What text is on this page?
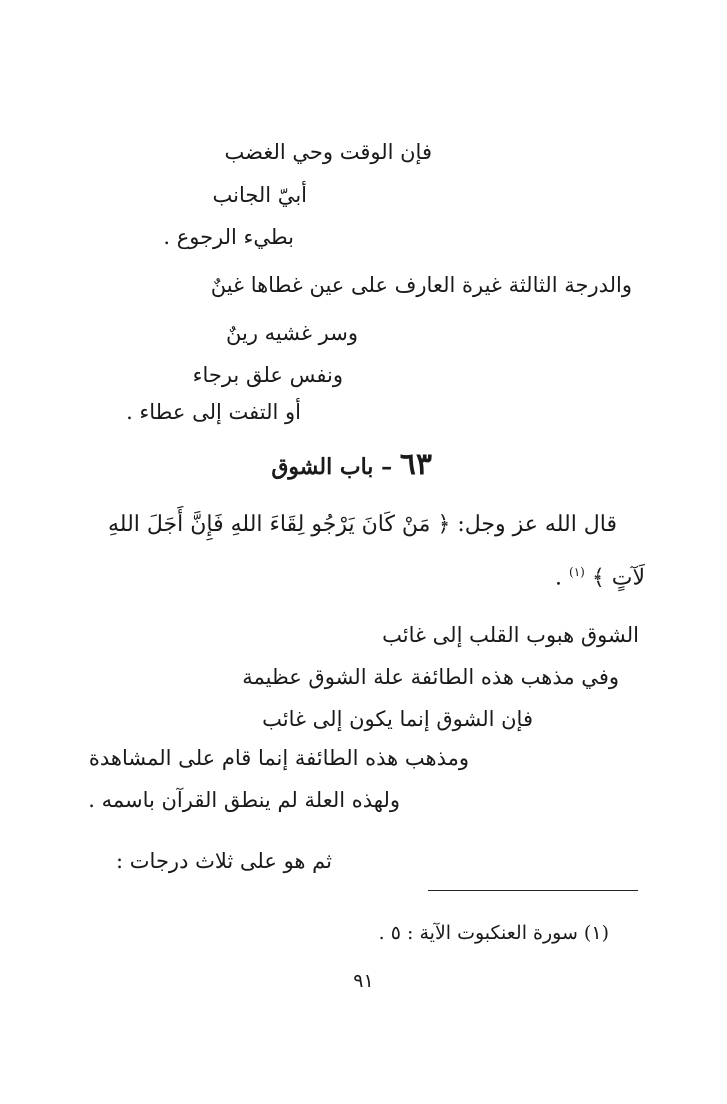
فإن الوقت وحي الغضب
أبيّ الجانب
بطيء الرجوع .
والدرجة الثالثة غيرة العارف على عين غطاها غينٌ
وسر غشيه رينٌ
ونفس علق برجاء
أو التفت إلى عطاء .
٦٣ – باب الشوق
قال الله عز وجل: ﴿ مَنْ كَانَ يَرْجُو لِقَاءَ اللهِ فَإِنَّ أَجَلَ اللهِ
لَآتٍ ﴾ $^{(١)}$ .
الشوق هبوب القلب إلى غائب
وفي مذهب هذه الطائفة علة الشوق عظيمة
فإن الشوق إنما يكون إلى غائب
ومذهب هذه الطائفة إنما قام على المشاهدة
ولهذه العلة لم ينطق القرآن باسمه .
ثم هو على ثلاث درجات :
(١) سورة العنكبوت الآية : ٥ .
٩١
